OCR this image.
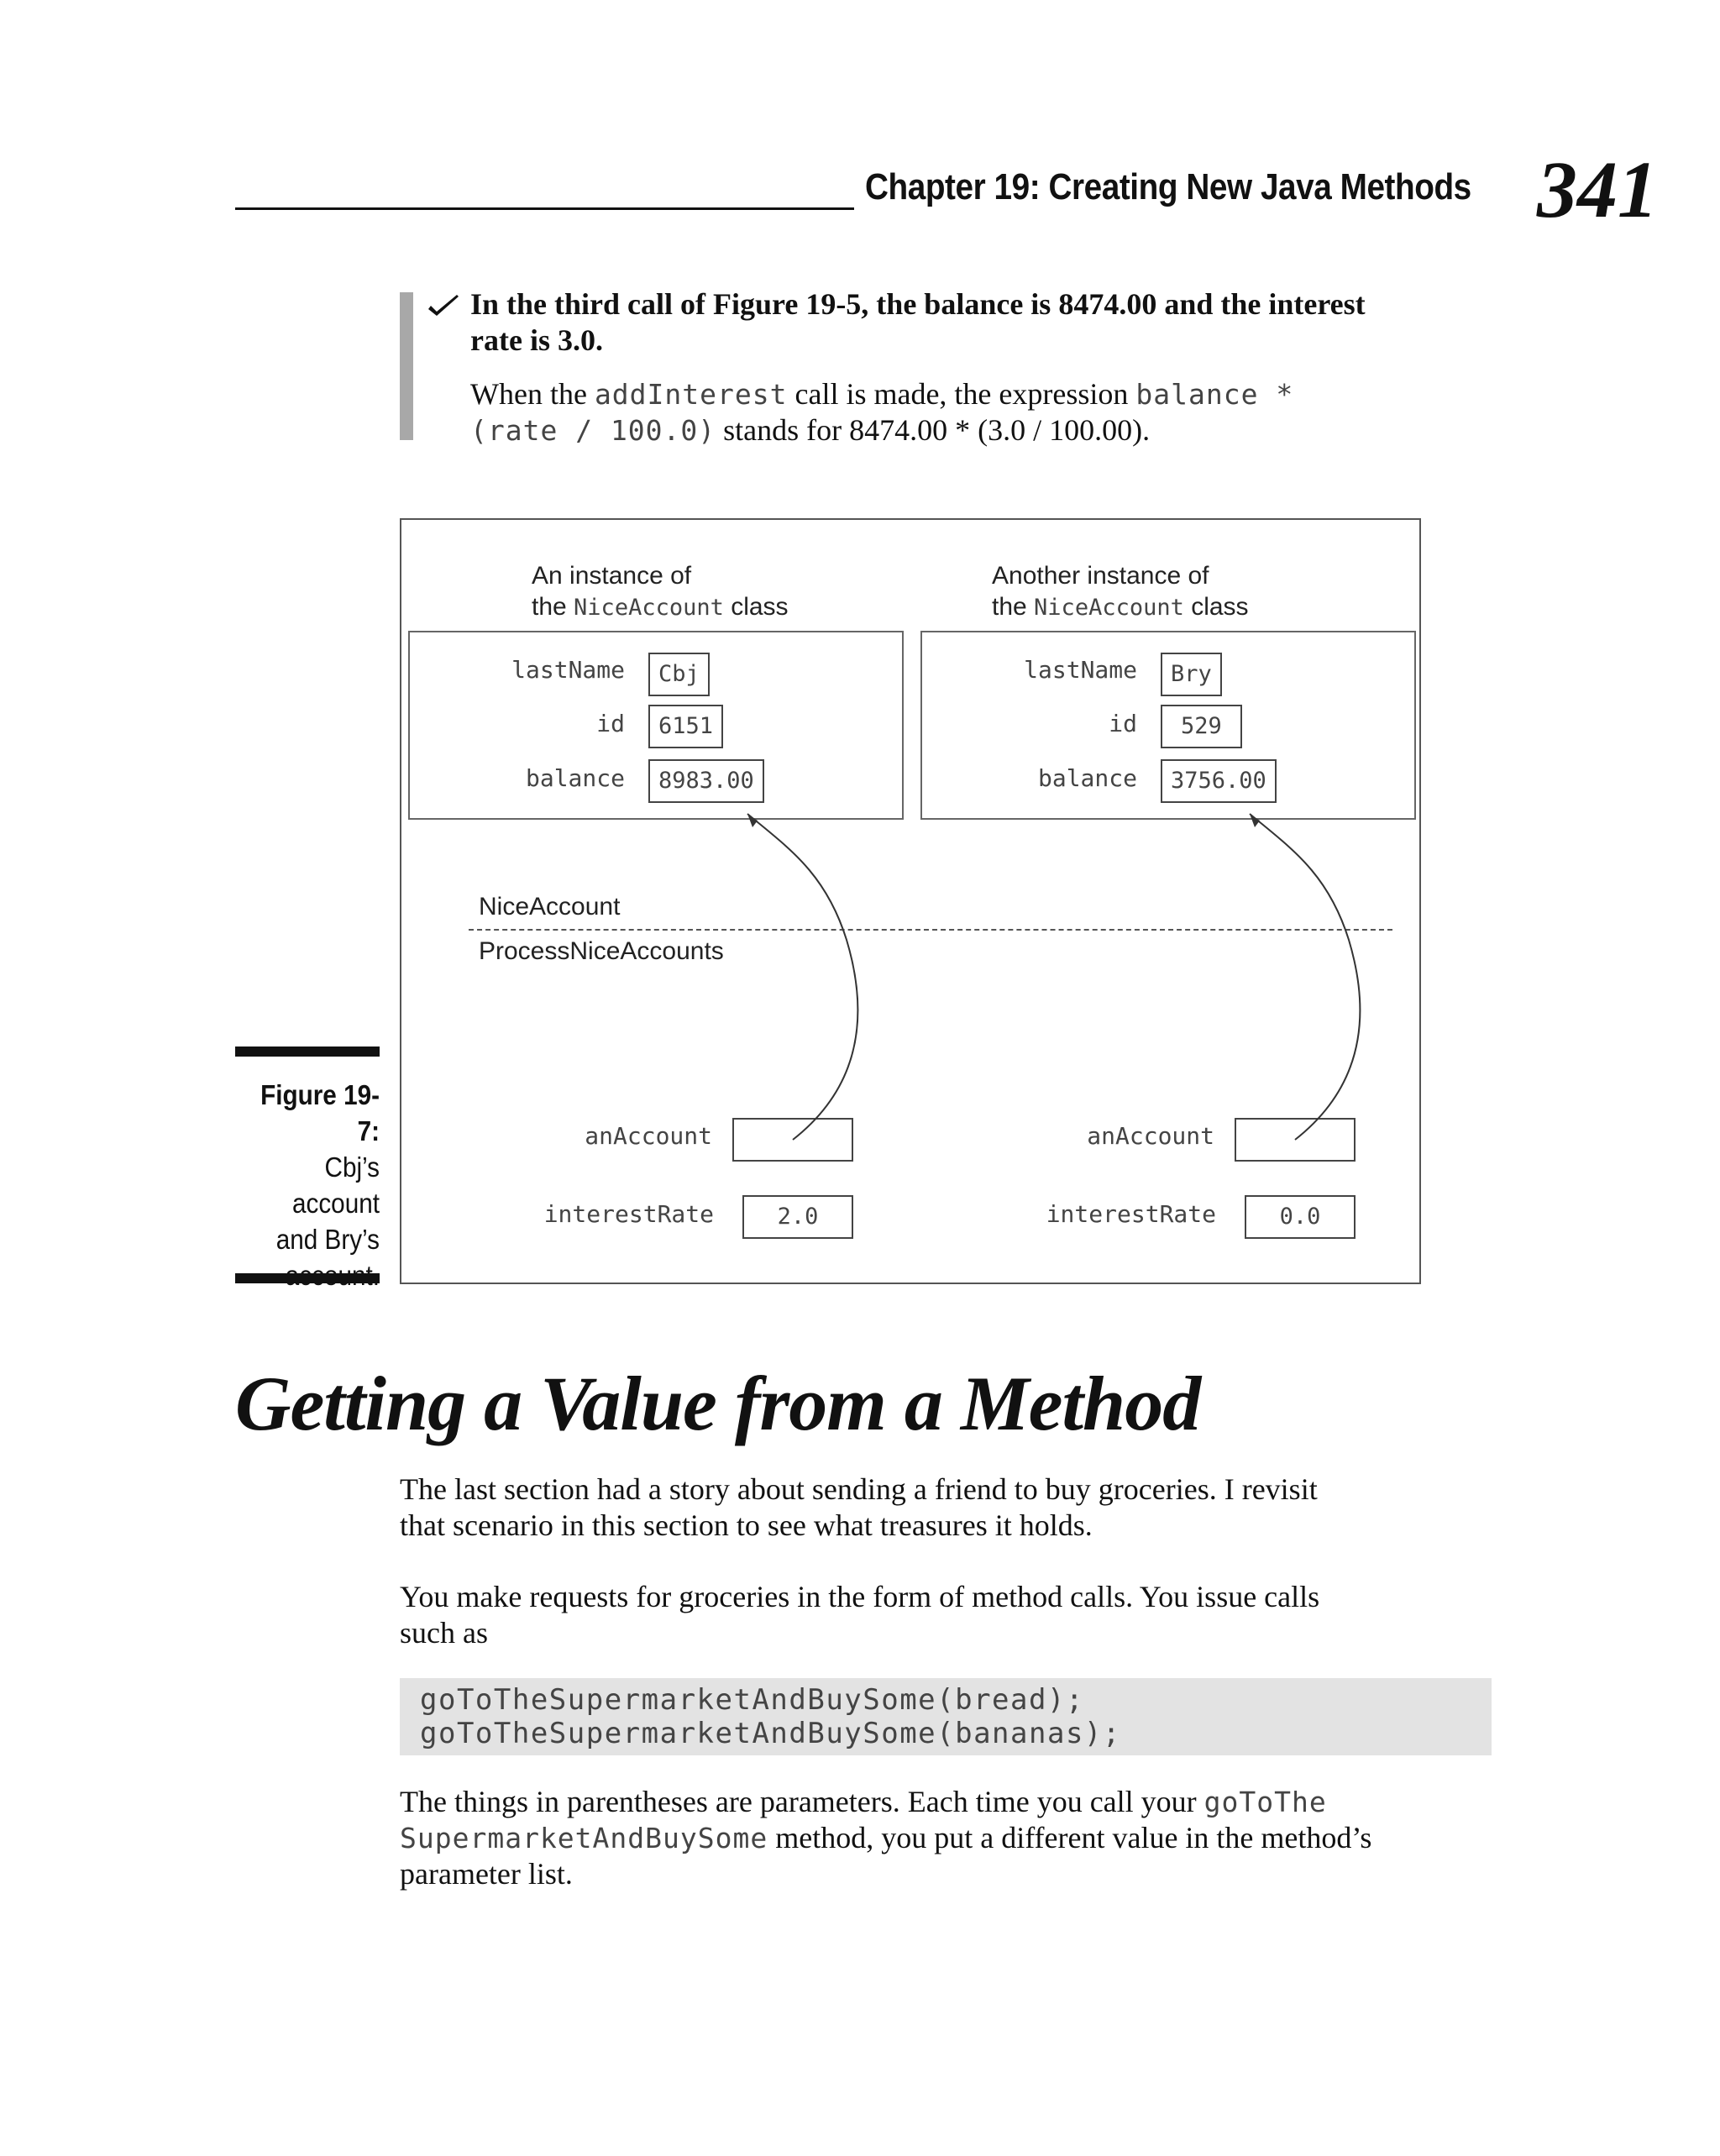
Chapter 19: Creating New Java Methods 341
In the third call of Figure 19-5, the balance is 8474.00 and the interest
rate is 3.0.
When the addInterest call is made, the expression balance *
(rate / 100.0) stands for 8474.00 * (3.0 / 100.00).
An instance of
the NiceAccount class
Another instance of
the NiceAccount class
lastName	Cbj
id	6151
balance	8983.00
lastName	Bry
id	529
balance	3756.00
NiceAccount
ProcessNiceAccounts
anAccount
interestRate	2.0
anAccount
interestRate	0.0
Figure 19-7:
Cbj’s
account
and Bry’s
Getting a Value from a Method
The last section had a story about sending a friend to buy groceries. I revisit
that scenario in this section to see what treasures it holds.
You make requests for groceries in the form of method calls. You issue calls
such as
goToTheSupermarketAndBuySome(bread);
goToTheSupermarketAndBuySome(bananas);
The things in parentheses are parameters. Each time you call your goToThe
SupermarketAndBuySome method, you put a different value in the method’s
parameter list.
